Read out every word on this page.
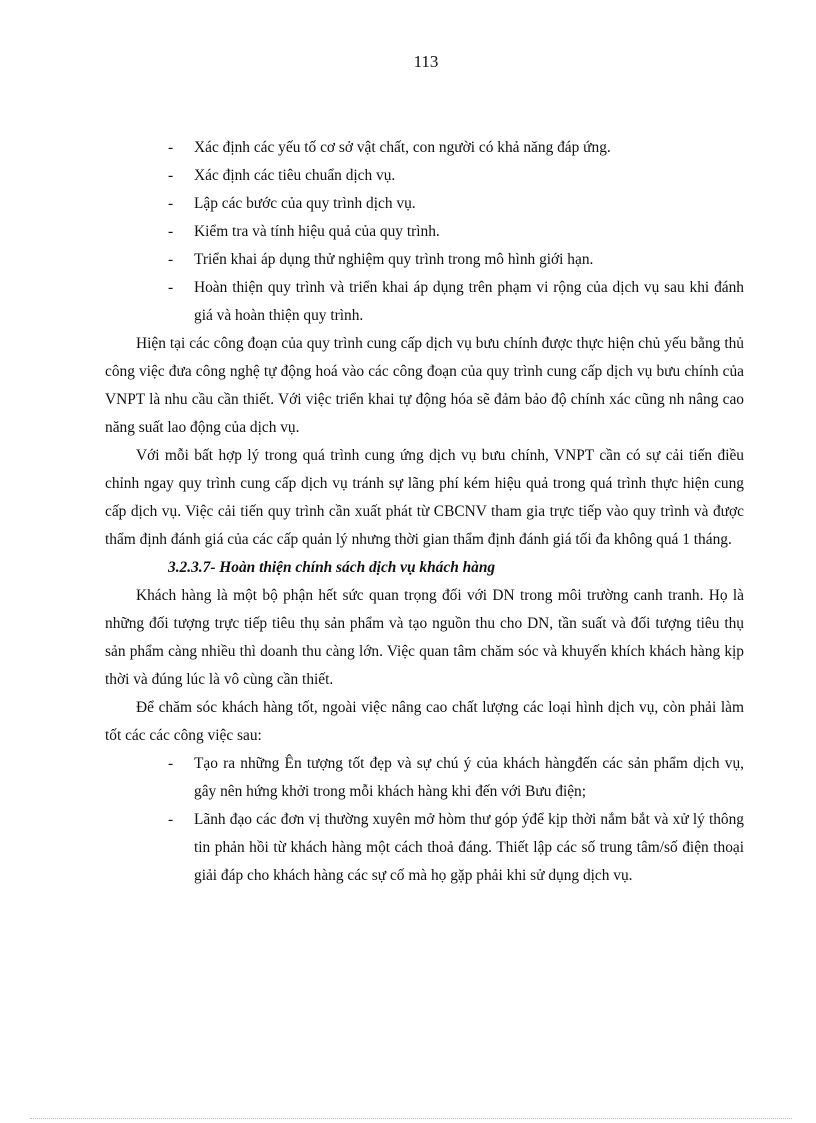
113
- Xác định các yếu tố cơ sở vật chất, con người có khả năng đáp ứng.
- Xác định các tiêu chuẩn dịch vụ.
- Lập các bước của quy trình dịch vụ.
- Kiểm tra và tính hiệu quả của quy trình.
- Triển khai áp dụng thử nghiệm quy trình trong mô hình giới hạn.
- Hoàn thiện quy trình và triển khai áp dụng trên phạm vi rộng của dịch vụ sau khi đánh giá và hoàn thiện quy trình.

Hiện tại các công đoạn của quy trình cung cấp dịch vụ bưu chính được thực hiện chủ yếu bằng thủ công việc đưa công nghệ tự động hoá vào các công đoạn của quy trình cung cấp dịch vụ bưu chính của VNPT là nhu cầu cần thiết. Với việc triển khai tự động hóa sẽ đảm bảo độ chính xác cũng nh nâng cao năng suất lao động của dịch vụ.

Với mỗi bất hợp lý trong quá trình cung ứng dịch vụ bưu chính, VNPT cần có sự cải tiến điều chỉnh ngay quy trình cung cấp dịch vụ tránh sự lãng phí kém hiệu quả trong quá trình thực hiện cung cấp dịch vụ. Việc cải tiến quy trình cần xuất phát từ CBCNV tham gia trực tiếp vào quy trình và được thẩm định đánh giá của các cấp quản lý nhưng thời gian thẩm định đánh giá tối đa không quá 1 tháng.

3.2.3.7- Hoàn thiện chính sách dịch vụ khách hàng

Khách hàng là một bộ phận hết sức quan trọng đối với DN trong môi trường canh tranh. Họ là những đối tượng trực tiếp tiêu thụ sản phẩm và tạo nguồn thu cho DN, tần suất và đối tượng tiêu thụ sản phẩm càng nhiều thì doanh thu càng lớn. Việc quan tâm chăm sóc và khuyến khích khách hàng kịp thời và đúng lúc là vô cùng cần thiết.

Để chăm sóc khách hàng tốt, ngoài việc nâng cao chất lượng các loại hình dịch vụ, còn phải làm tốt các các công việc sau:

- Tạo ra những Ên tượng tốt đẹp và sự chú ý của khách hàngđến các sản phẩm dịch vụ, gây nên hứng khởi trong mỗi khách hàng khi đến với Bưu điện;
- Lãnh đạo các đơn vị thường xuyên mở hòm thư góp ýđể kịp thời nắm bắt và xử lý thông tin phản hồi từ khách hàng một cách thoả đáng. Thiết lập các số trung tâm/số điện thoại giải đáp cho khách hàng các sự cố mà họ gặp phải khi sử dụng dịch vụ.
